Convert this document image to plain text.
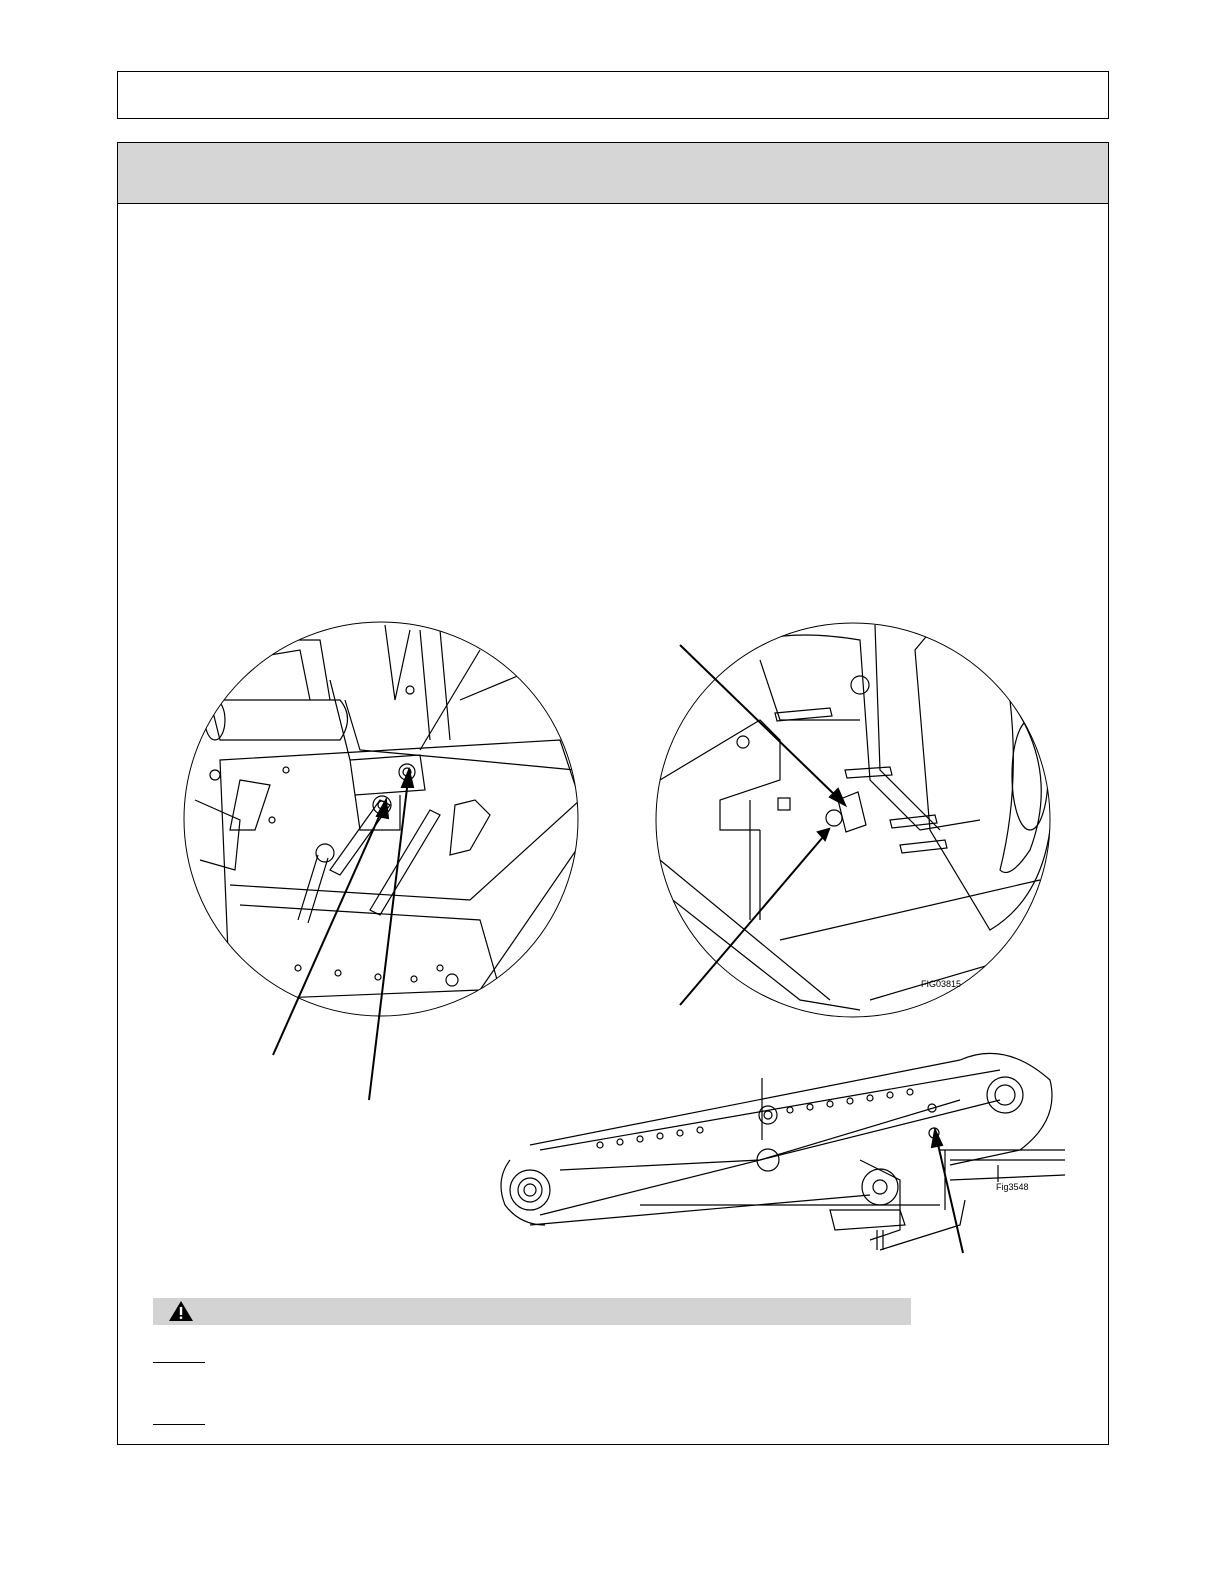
FIG03815
Fig3548
